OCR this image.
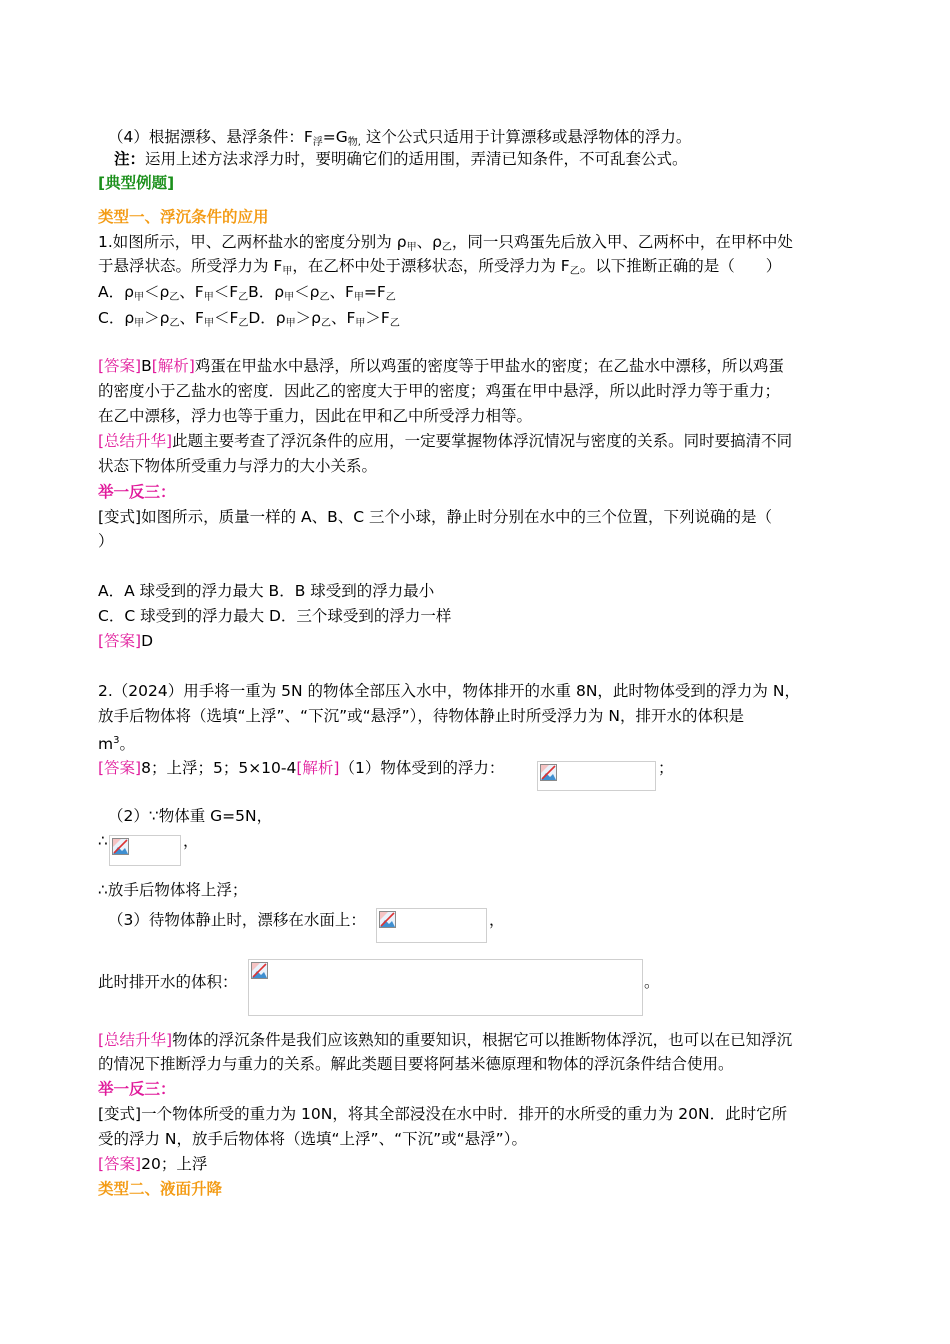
（4）根据漂移、悬浮条件：$F_浮=G_{物,}$ 这个公式只适用于计算漂移或悬浮物体的浮力。
注：运用上述方法求浮力时，要明确它们的适用围，弄清已知条件，不可乱套公式。
[典型例题]
类型一、浮沉条件的应用
1.如图所示，甲、乙两杯盐水的密度分别为 $\rho_甲$、$\rho_乙$，同一只鸡蛋先后放入甲、乙两杯中，在甲杯中处
于悬浮状态。所受浮力为 $F_甲$，在乙杯中处于漂移状态，所受浮力为 $F_乙$。以下推断正确的是（　　）
A．$\rho_甲<\rho_乙$、$F_甲<F_乙B$．$\rho_甲<\rho_乙$、$F_甲=F_乙$
C．$\rho_甲>\rho_乙$、$F_甲<F_乙D$．$\rho_甲>\rho_乙$、$F_甲>F_乙$
[答案]B[解析]鸡蛋在甲盐水中悬浮，所以鸡蛋的密度等于甲盐水的密度；在乙盐水中漂移，所以鸡蛋
的密度小于乙盐水的密度．因此乙的密度大于甲的密度；鸡蛋在甲中悬浮，所以此时浮力等于重力；
在乙中漂移，浮力也等于重力，因此在甲和乙中所受浮力相等。
[总结升华]此题主要考查了浮沉条件的应用，一定要掌握物体浮沉情况与密度的关系。同时要搞清不同
状态下物体所受重力与浮力的大小关系。
举一反三：
[变式]如图所示，质量一样的 A、B、C 三个小球，静止时分别在水中的三个位置，下列说确的是（
）
A．A 球受到的浮力最大 B．B 球受到的浮力最小
C．C 球受到的浮力最大 D．三个球受到的浮力一样
[答案]D
2.（2024）用手将一重为 5N 的物体全部压入水中，物体排开的水重 8N，此时物体受到的浮力为 N，
放手后物体将（选填“上浮”、“下沉”或“悬浮”），待物体静止时所受浮力为 N，排开水的体积是
$m^3$。
[答案]8；上浮；5；5×10-4[解析]（1）物体受到的浮力：	；
（2）∵物体重 G=5N，
∴	，
∴放手后物体将上浮；
（3）待物体静止时，漂移在水面上：	，
此时排开水的体积：	。
[总结升华]物体的浮沉条件是我们应该熟知的重要知识，根据它可以推断物体浮沉，也可以在已知浮沉
的情况下推断浮力与重力的关系。解此类题目要将阿基米德原理和物体的浮沉条件结合使用。
举一反三：
[变式]一个物体所受的重力为 10N，将其全部浸没在水中时．排开的水所受的重力为 20N．此时它所
受的浮力 N，放手后物体将（选填“上浮”、“下沉”或“悬浮”）。
[答案]20；上浮
类型二、液面升降
